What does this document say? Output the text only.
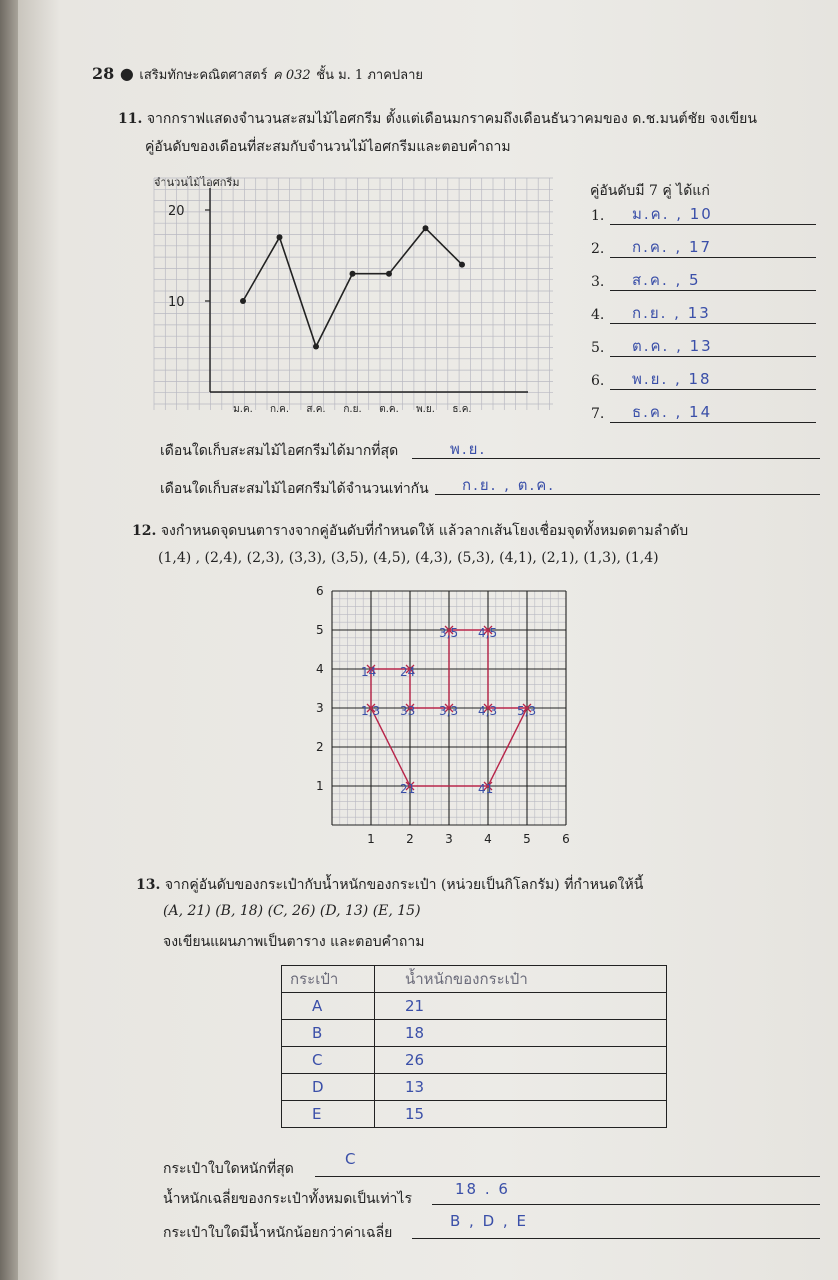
28 ● เสริมทักษะคณิตศาสตร์ ค 032 ชั้น ม. 1 ภาคปลาย
11. จากกราฟแสดงจำนวนสะสมไม้ไอศกรีม ตั้งแต่เดือนมกราคมถึงเดือนธันวาคมของ ด.ช.มนต์ชัย จงเขียน
คู่อันดับของเดือนที่สะสมกับจำนวนไม้ไอศกรีมและตอบคำถาม
จำนวนไม้ไอศกรีม
10
20
ม.ค. ก.ค. ส.ค. ก.ย. ต.ค. พ.ย. ธ.ค.
คู่อันดับมี 7 คู่ ได้แก่
1. ม.ค. , 10
2. ก.ค. , 17
3. ส.ค. , 5
4. ก.ย. , 13
5. ต.ค. , 13
6. พ.ย. , 18
7. ธ.ค. , 14
เดือนใดเก็บสะสมไม้ไอศกรีมได้มากที่สุด	พ.ย.
เดือนใดเก็บสะสมไม้ไอศกรีมได้จำนวนเท่ากัน ก.ย. , ต.ค.
12. จงกำหนดจุดบนตารางจากคู่อันดับที่กำหนดให้ แล้วลากเส้นโยงเชื่อมจุดทั้งหมดตามลำดับ
(1,4) , (2,4), (2,3), (3,3), (3,5), (4,5), (4,3), (5,3), (4,1), (2,1), (1,3), (1,4)
1	2	3	4	5	6
1
2
3
4
5
6
14 24
33 3,3
3,5 4,5
4,3 5,3
41
21
1,3
13. จากคู่อันดับของกระเป๋ากับน้ำหนักของกระเป๋า (หน่วยเป็นกิโลกรัม) ที่กำหนดให้นี้
(A, 21) (B, 18) (C, 26) (D, 13) (E, 15)
จงเขียนแผนภาพเป็นตาราง และตอบคำถาม
กระเป๋า	น้ำหนักของกระเป๋า
A	21
B	18
C	26
D	13
E	15
กระเป๋าใบใดหนักที่สุด
C
น้ำหนักเฉลี่ยของกระเป๋าทั้งหมดเป็นเท่าไร
18 . 6
กระเป๋าใบใดมีน้ำหนักน้อยกว่าค่าเฉลี่ย
B , D , E
